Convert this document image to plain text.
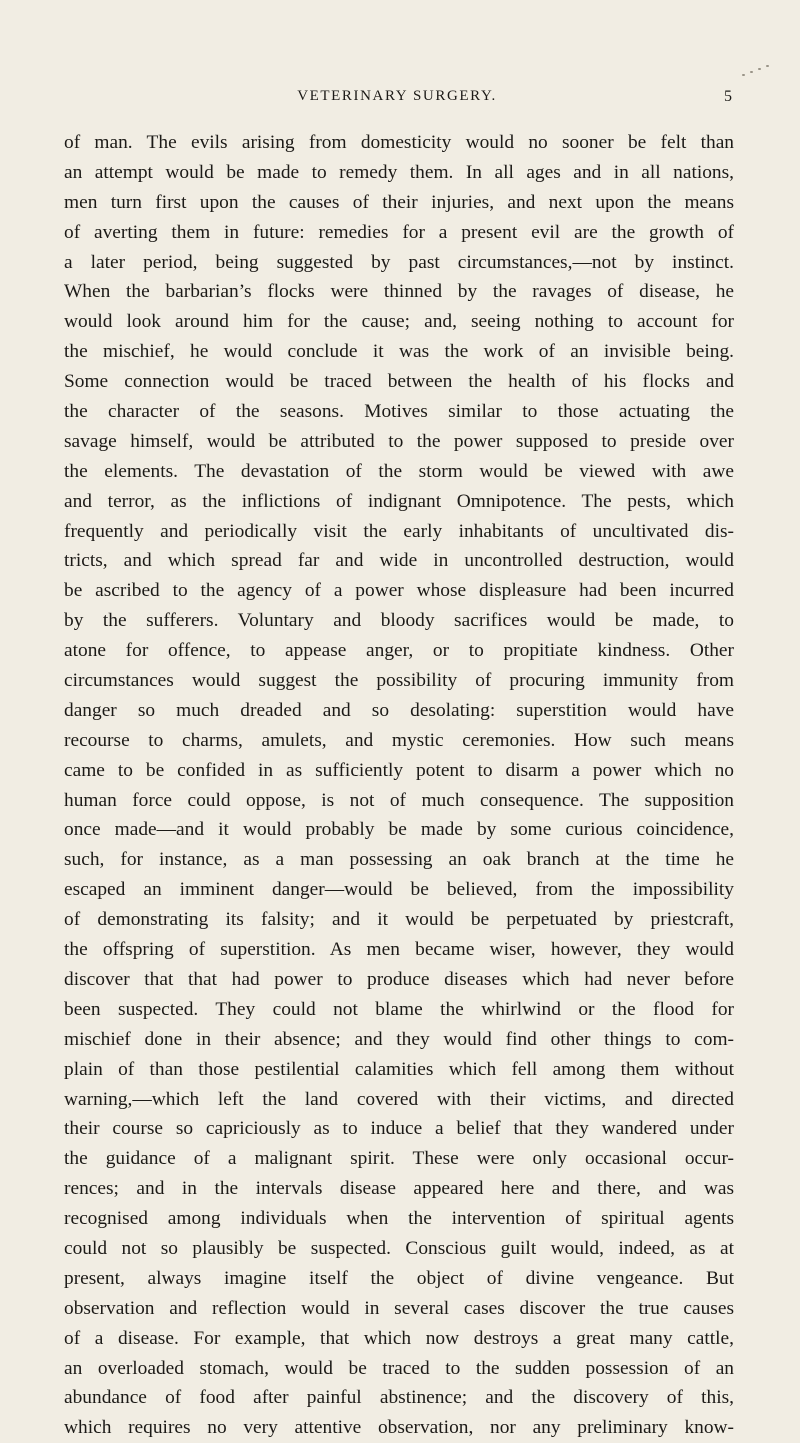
VETERINARY SURGERY.	5
of man. The evils arising from domesticity would no sooner be felt than
an attempt would be made to remedy them. In all ages and in all nations,
men turn first upon the causes of their injuries, and next upon the means
of averting them in future: remedies for a present evil are the growth of
a later period, being suggested by past circumstances,—not by instinct.
When the barbarian’s flocks were thinned by the ravages of disease, he
would look around him for the cause; and, seeing nothing to account for
the mischief, he would conclude it was the work of an invisible being.
Some connection would be traced between the health of his flocks and
the character of the seasons. Motives similar to those actuating the
savage himself, would be attributed to the power supposed to preside over
the elements. The devastation of the storm would be viewed with awe
and terror, as the inflictions of indignant Omnipotence. The pests, which
frequently and periodically visit the early inhabitants of uncultivated dis-
tricts, and which spread far and wide in uncontrolled destruction, would
be ascribed to the agency of a power whose displeasure had been incurred
by the sufferers. Voluntary and bloody sacrifices would be made, to
atone for offence, to appease anger, or to propitiate kindness. Other
circumstances would suggest the possibility of procuring immunity from
danger so much dreaded and so desolating: superstition would have
recourse to charms, amulets, and mystic ceremonies. How such means
came to be confided in as sufficiently potent to disarm a power which no
human force could oppose, is not of much consequence. The supposition
once made—and it would probably be made by some curious coincidence,
such, for instance, as a man possessing an oak branch at the time he
escaped an imminent danger—would be believed, from the impossibility
of demonstrating its falsity; and it would be perpetuated by priestcraft,
the offspring of superstition. As men became wiser, however, they would
discover that that had power to produce diseases which had never before
been suspected. They could not blame the whirlwind or the flood for
mischief done in their absence; and they would find other things to com-
plain of than those pestilential calamities which fell among them without
warning,—which left the land covered with their victims, and directed
their course so capriciously as to induce a belief that they wandered under
the guidance of a malignant spirit. These were only occasional occur-
rences; and in the intervals disease appeared here and there, and was
recognised among individuals when the intervention of spiritual agents
could not so plausibly be suspected. Conscious guilt would, indeed, as at
present, always imagine itself the object of divine vengeance. But
observation and reflection would in several cases discover the true causes
of a disease. For example, that which now destroys a great many cattle,
an overloaded stomach, would be traced to the sudden possession of an
abundance of food after painful abstinence; and the discovery of this,
which requires no very attentive observation, nor any preliminary know-
